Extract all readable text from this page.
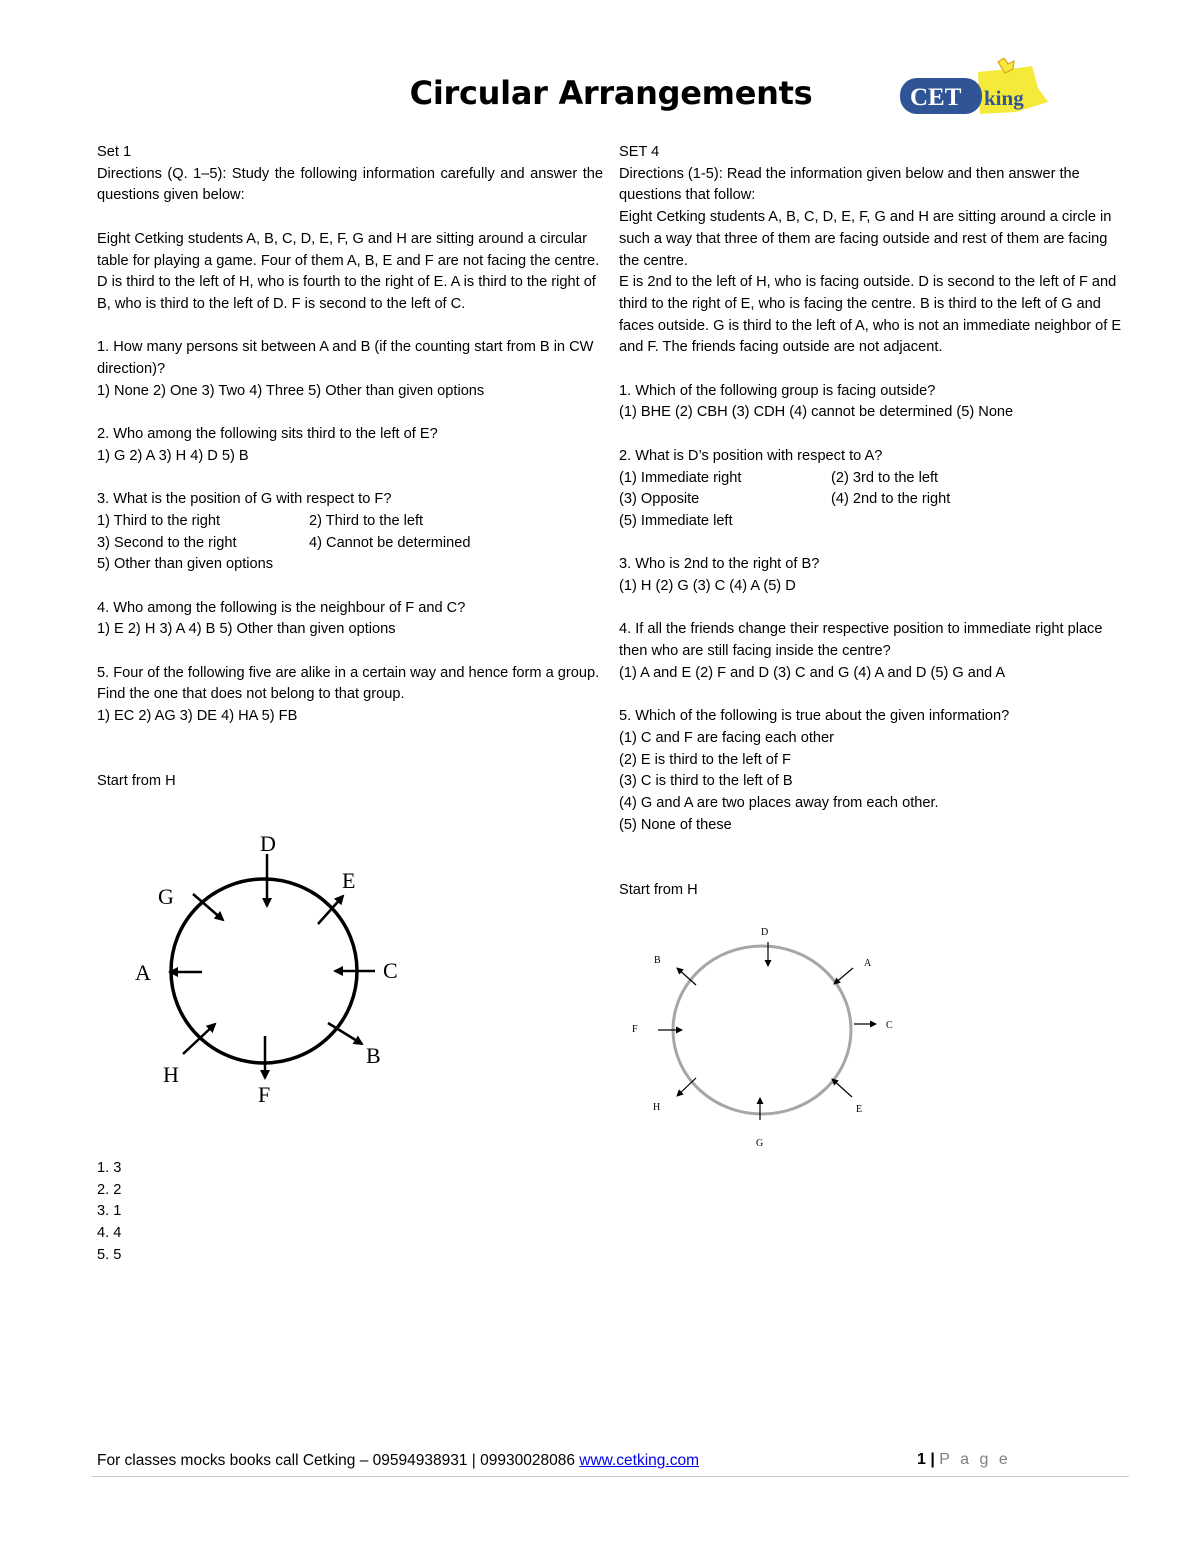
Circular Arrangements	CET king

Set 1

Directions (Q. 1–5): Study the following information carefully and answer the questions given below:

Eight Cetking students A, B, C, D, E, F, G and H are sitting around a circular table for playing a game. Four of them A, B, E and F are not facing the centre. D is third to the left of H, who is fourth to the right of E. A is third to the right of B, who is third to the left of D. F is second to the left of C.

1. How many persons sit between A and B (if the counting start from B in CW direction)?

1) None 2) One 3) Two 4) Three 5) Other than given options

2. Who among the following sits third to the left of E?

1) G 2) A 3) H 4) D 5) B

3. What is the position of G with respect to F?

1) Third to the right	2) Third to the left
3) Second to the right	4) Cannot be determined

5) Other than given options

4. Who among the following is the neighbour of F and C?

1) E 2) H 3) A 4) B 5) Other than given options

5. Four of the following five are alike in a certain way and hence form a group. Find the one that does not belong to that group.

1) EC 2) AG 3) DE 4) HA 5) FB

Start from H

D
G
E
A	C
H
F
B
1. 3
2. 2
3. 1
4. 4
5. 5

SET 4

Directions (1-5): Read the information given below and then answer the questions that follow:

Eight Cetking students A, B, C, D, E, F, G and H are sitting around a circle in such a way that three of them are facing outside and rest of them are facing the centre.

E is 2nd to the left of H, who is facing outside. D is second to the left of F and third to the right of E, who is facing the centre. B is third to the left of G and faces outside. G is third to the left of A, who is not an immediate neighbor of E and F. The friends facing outside are not adjacent.

1. Which of the following group is facing outside?

(1) BHE (2) CBH (3) CDH (4) cannot be determined (5) None

2. What is D’s position with respect to A?

(1) Immediate right	(2) 3rd to the left
(3) Opposite	(4) 2nd to the right

(5) Immediate left

3. Who is 2nd to the right of B?

(1) H (2) G (3) C (4) A (5) D

4. If all the friends change their respective position to immediate right place then who are still facing inside the centre?

(1) A and E (2) F and D (3) C and G (4) A and D (5) G and A

5. Which of the following is true about the given information?

(1) C and F are facing each other

(2) E is third to the left of F

(3) C is third to the left of B

(4) G and A are two places away from each other.

(5) None of these

Start from H

D
A
C
E
G
H
F
B
For classes mocks books call Cetking – 09594938931 | 09930028086 www.cetking.com	1 | P a g e
